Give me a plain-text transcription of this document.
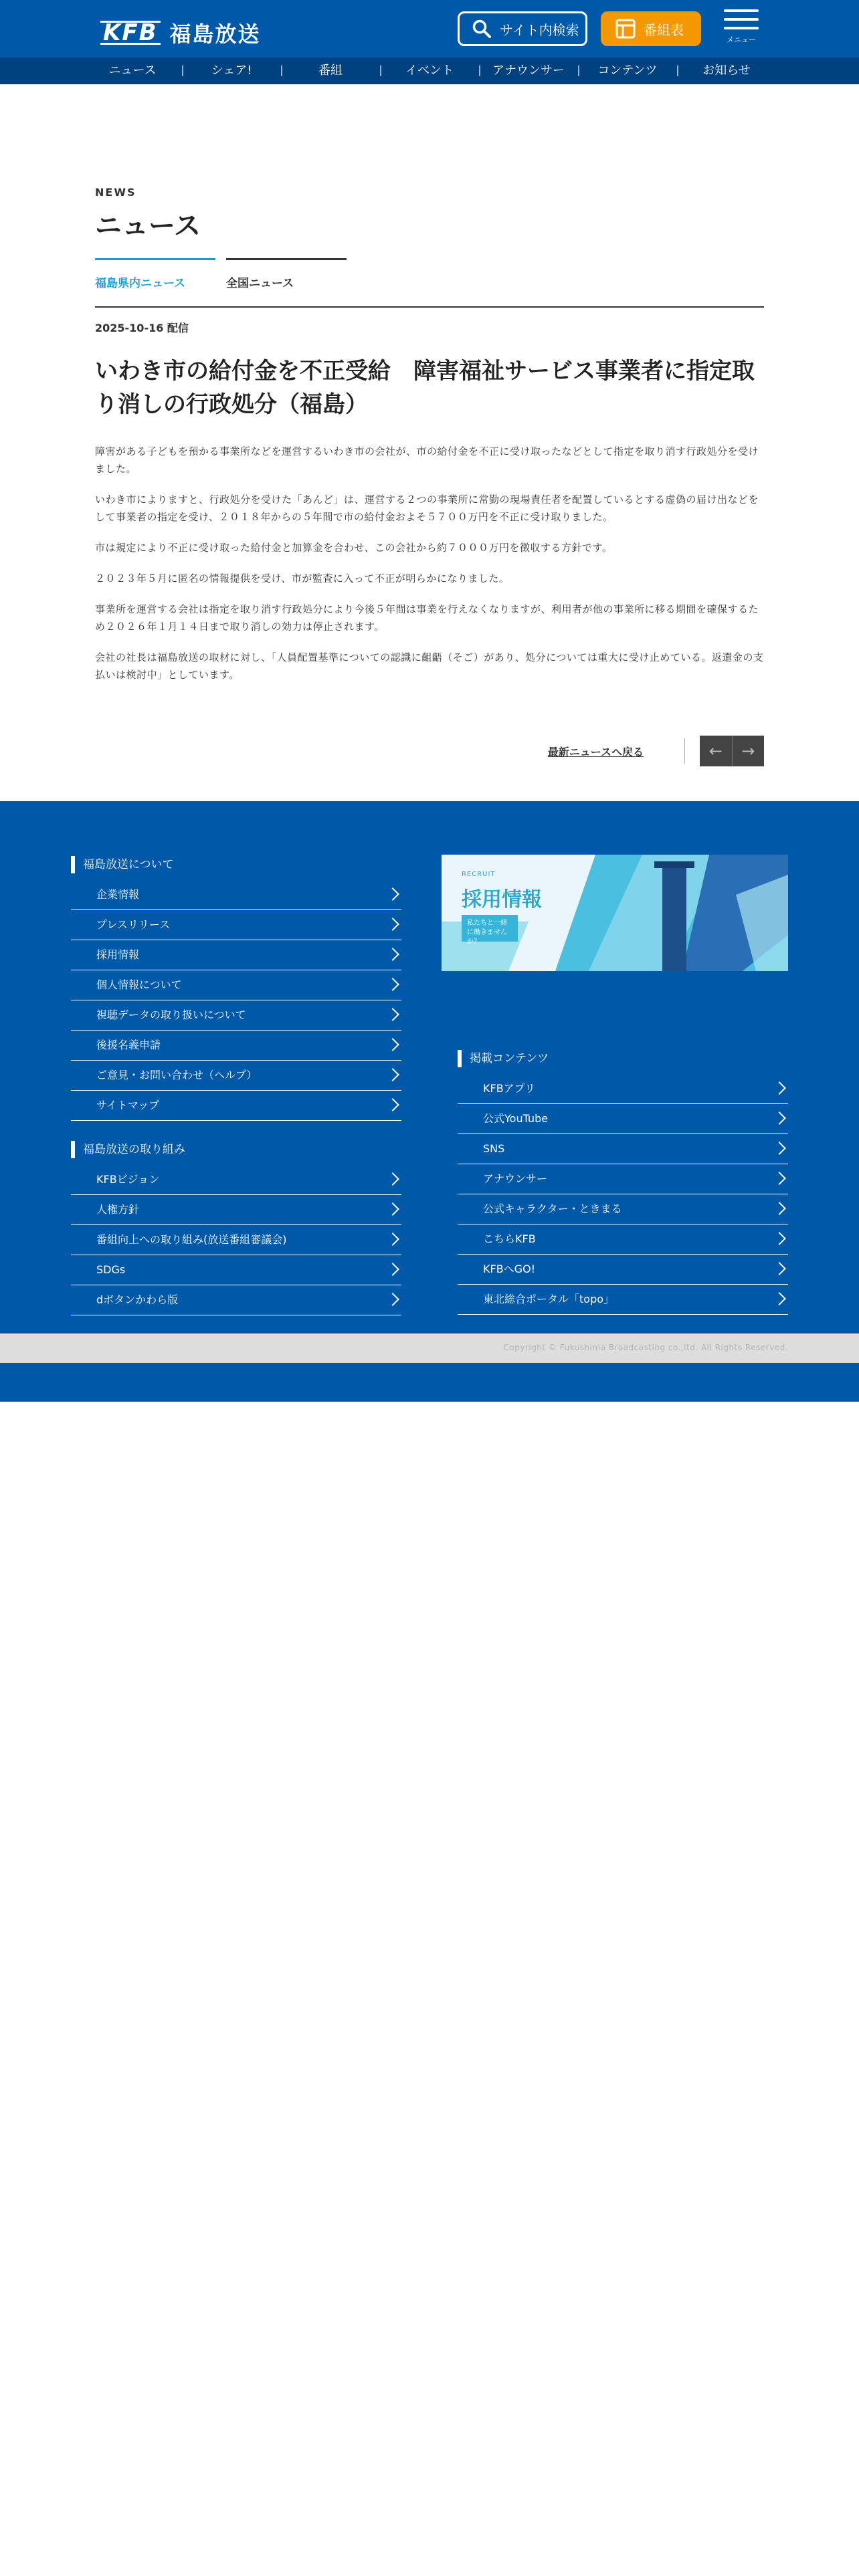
KFB 福島放送	サイト内検索	番組表
メニュー
ニュース	シェア!	番組	イベント	アナウンサー	コンテンツ	お知らせ
NEWS
ニュース
福島県内ニュース	全国ニュース
2025-10-16 配信
いわき市の給付金を不正受給　障害福祉サービス事業者に指定取り消しの行政処分（福島）

障害がある子どもを預かる事業所などを運営するいわき市の会社が、市の給付金を不正に受け取ったなどとして指定を取り消す行政処分を受けました。

いわき市によりますと、行政処分を受けた「あんど」は、運営する２つの事業所に常勤の現場責任者を配置しているとする虚偽の届け出などをして事業者の指定を受け、２０１８年からの５年間で市の給付金およそ５７００万円を不正に受け取りました。

市は規定により不正に受け取った給付金と加算金を合わせ、この会社から約７０００万円を徴収する方針です。

２０２３年５月に匿名の情報提供を受け、市が監査に入って不正が明らかになりました。

事業所を運営する会社は指定を取り消す行政処分により今後５年間は事業を行えなくなりますが、利用者が他の事業所に移る期間を確保するため２０２６年１月１４日まで取り消しの効力は停止されます。

会社の社長は福島放送の取材に対し、「人員配置基準についての認識に齟齬（そご）があり、処分については重大に受け止めている。返還金の支払いは検討中」としています。

最新ニュースへ戻る	←	→
福島放送について
企業情報
プレスリリース
採用情報
個人情報について
視聴データの取り扱いについて
後援名義申請
ご意見・お問い合わせ（ヘルプ）
サイトマップ
福島放送の取り組み
KFBビジョン
人権方針
番組向上への取り組み(放送番組審議会)
SDGs
dボタンかわら版
RECRUIT
採用情報
私たちと一緒に働きませんか？
掲載コンテンツ
KFBアプリ
公式YouTube
SNS
アナウンサー
公式キャラクター・ときまる
こちらKFB
KFBへGO!
東北総合ポータル「topo」
Copyright © Fukushima Broadcasting co.,ltd. All Rights Reserved.
